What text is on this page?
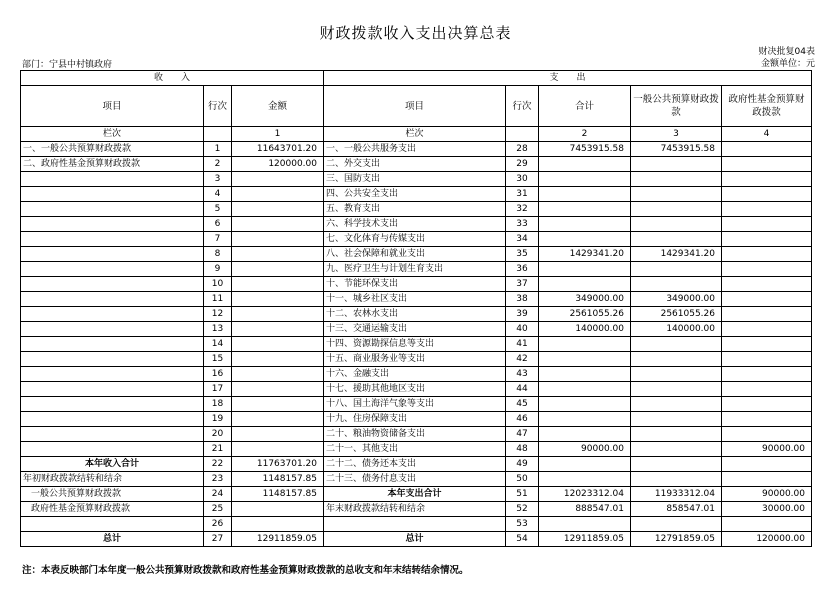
财政拨款收入支出决算总表
财决批复04表
金额单位：元
部门：宁县中村镇政府
收　　入			支　　出				
项目	行次	金额	项目	行次	合计	一般公共预算财政拨款	政府性基金预算财政拨款
栏次		1	栏次		2	3	4
一、一般公共预算财政拨款	1	11643701.20	一、一般公共服务支出	28	7453915.58	7453915.58	
二、政府性基金预算财政拨款	2	120000.00	二、外交支出	29			
	3		三、国防支出	30			
	4		四、公共安全支出	31			
	5		五、教育支出	32			
	6		六、科学技术支出	33			
	7		七、文化体育与传媒支出	34			
	8		八、社会保障和就业支出	35	1429341.20	1429341.20	
	9		九、医疗卫生与计划生育支出	36			
	10		十、节能环保支出	37			
	11		十一、城乡社区支出	38	349000.00	349000.00	
	12		十二、农林水支出	39	2561055.26	2561055.26	
	13		十三、交通运输支出	40	140000.00	140000.00	
	14		十四、资源勘探信息等支出	41			
	15		十五、商业服务业等支出	42			
	16		十六、金融支出	43			
	17		十七、援助其他地区支出	44			
	18		十八、国土海洋气象等支出	45			
	19		十九、住房保障支出	46			
	20		二十、粮油物资储备支出	47			
	21		二十一、其他支出	48	90000.00		90000.00
本年收入合计	22	11763701.20	二十二、债务还本支出	49			
年初财政拨款结转和结余	23	1148157.85	二十三、债务付息支出	50			
一般公共预算财政拨款	24	1148157.85	本年支出合计	51	12023312.04	11933312.04	90000.00
政府性基金预算财政拨款	25		年末财政拨款结转和结余	52	888547.01	858547.01	30000.00
	26			53			
总计	27	12911859.05	总计	54	12911859.05	12791859.05	120000.00
注：本表反映部门本年度一般公共预算财政拨款和政府性基金预算财政拨款的总收支和年末结转结余情况。
